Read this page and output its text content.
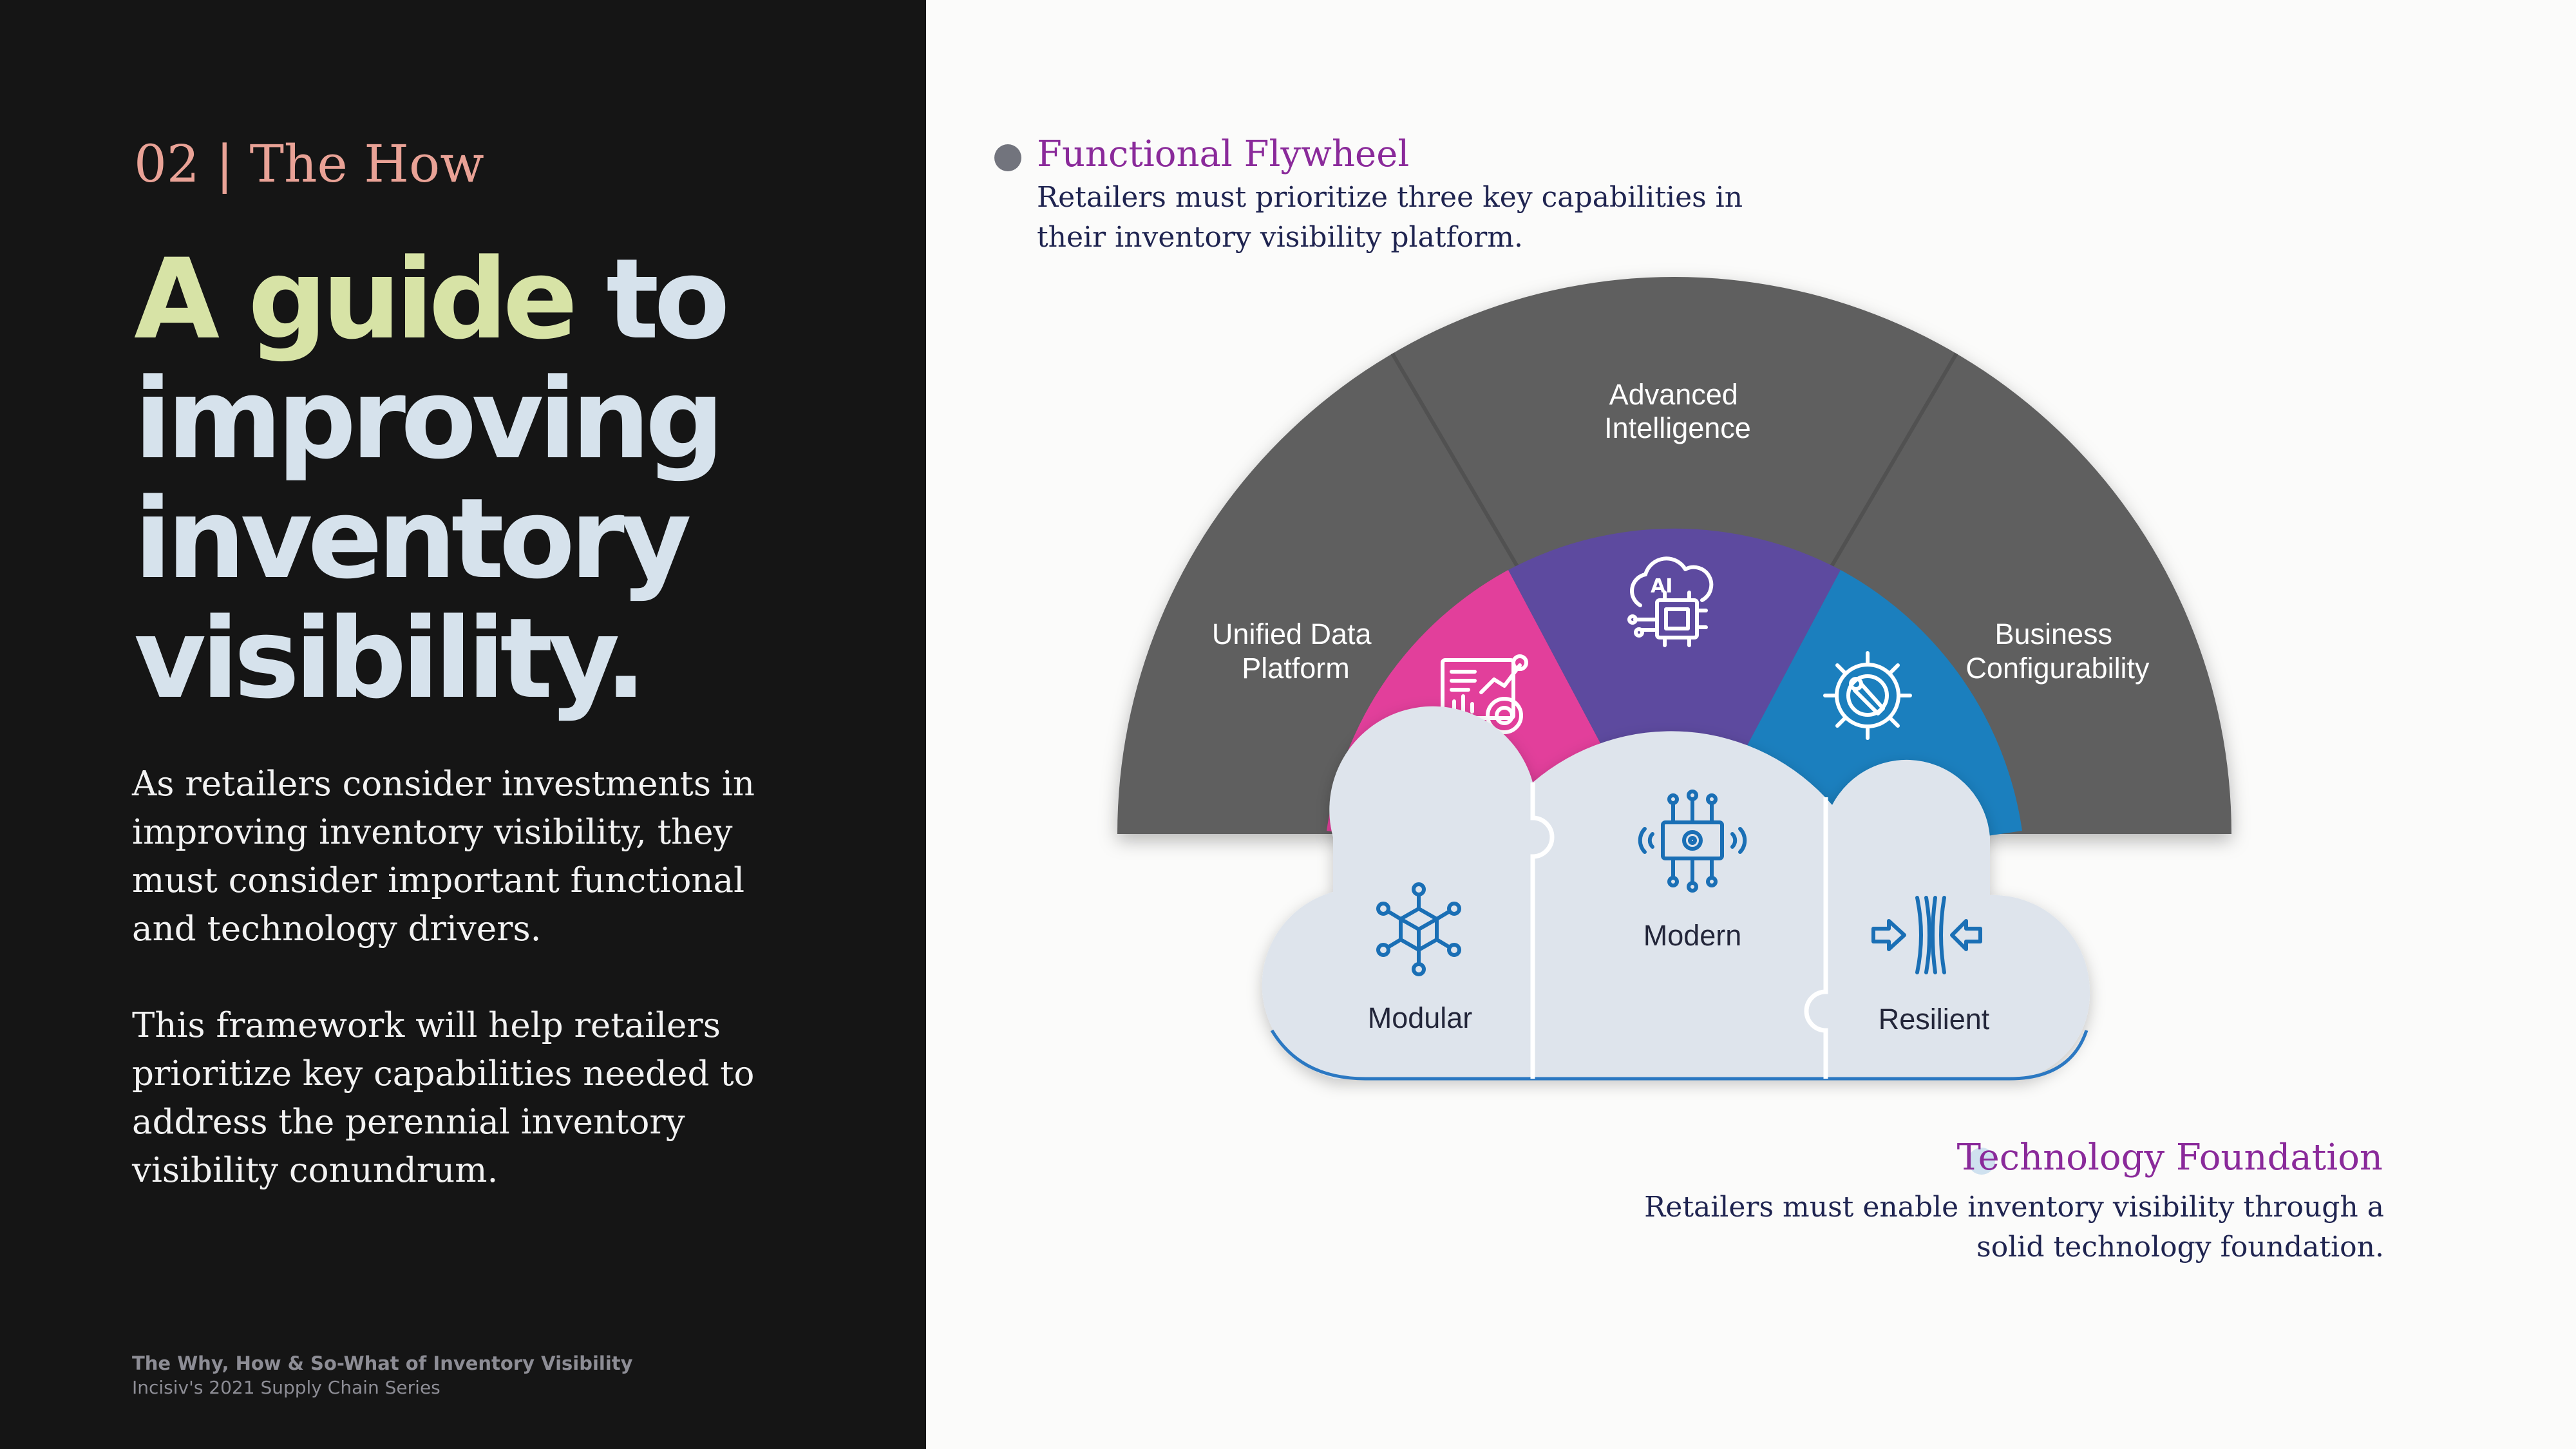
02 | The How

A guide to
improving
inventory
visibility.

As retailers consider investments in improving inventory visibility, they must consider important functional and technology drivers.

This framework will help retailers prioritize key capabilities needed to address the perennial inventory visibility conundrum.

The Why, How & So-What of Inventory Visibility

Incisiv's 2021 Supply Chain Series

Functional Flywheel

Retailers must prioritize three key capabilities in their inventory visibility platform.

Technology Foundation

Retailers must enable inventory visibility through a solid technology foundation.

Unified Data Platform
Advanced Intelligence
Business Configurability
AI
Modular
Modern
Resilient
